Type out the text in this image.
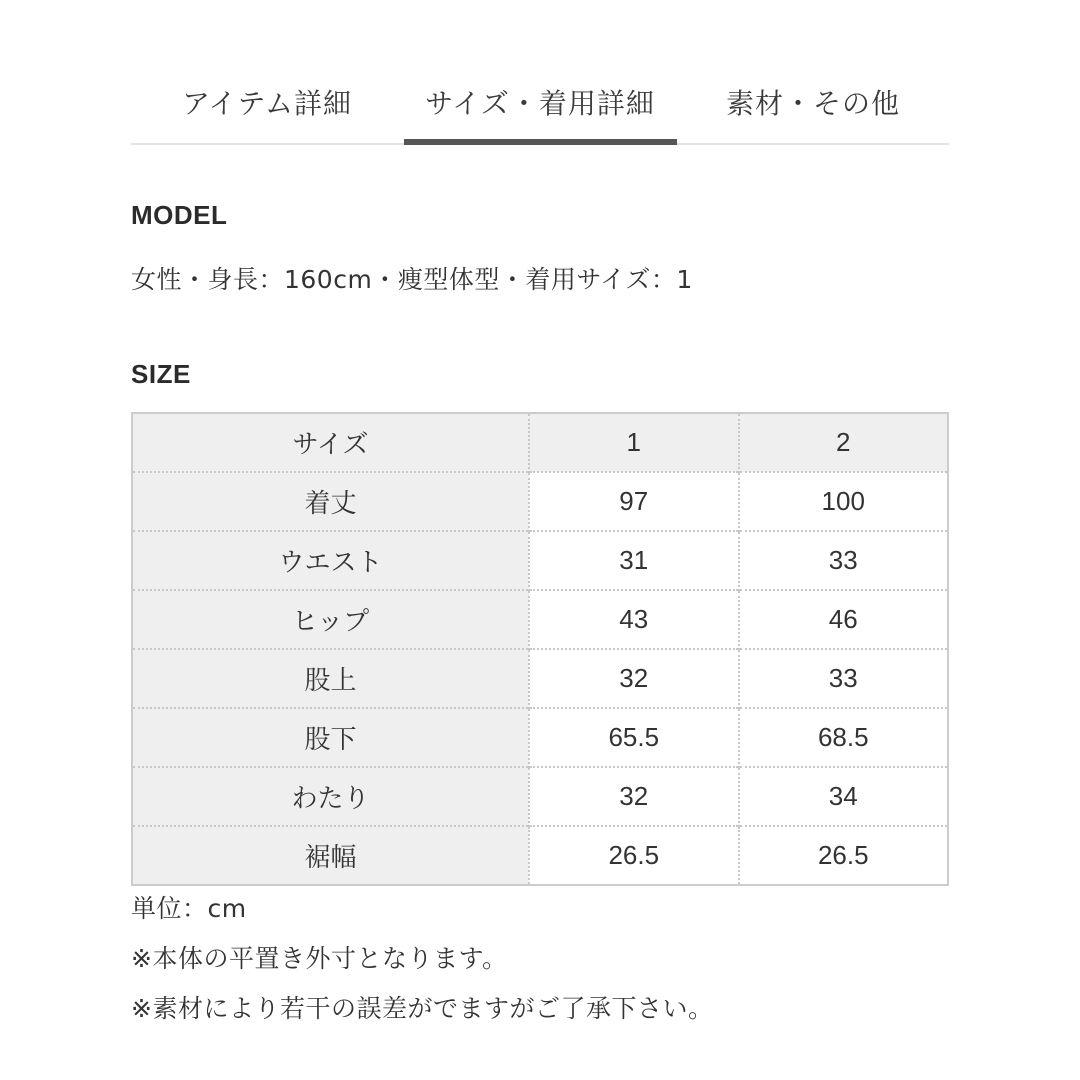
アイテム詳細	サイズ・着用詳細	素材・その他
MODEL
女性・身長：160cm・痩型体型・着用サイズ：1
SIZE
サイズ	1	2
着丈	97	100
ウエスト	31	33
ヒップ	43	46
股上	32	33
股下	65.5	68.5
わたり	32	34
裾幅	26.5	26.5
単位：cm
※本体の平置き外寸となります。
※素材により若干の誤差がでますがご了承下さい。
